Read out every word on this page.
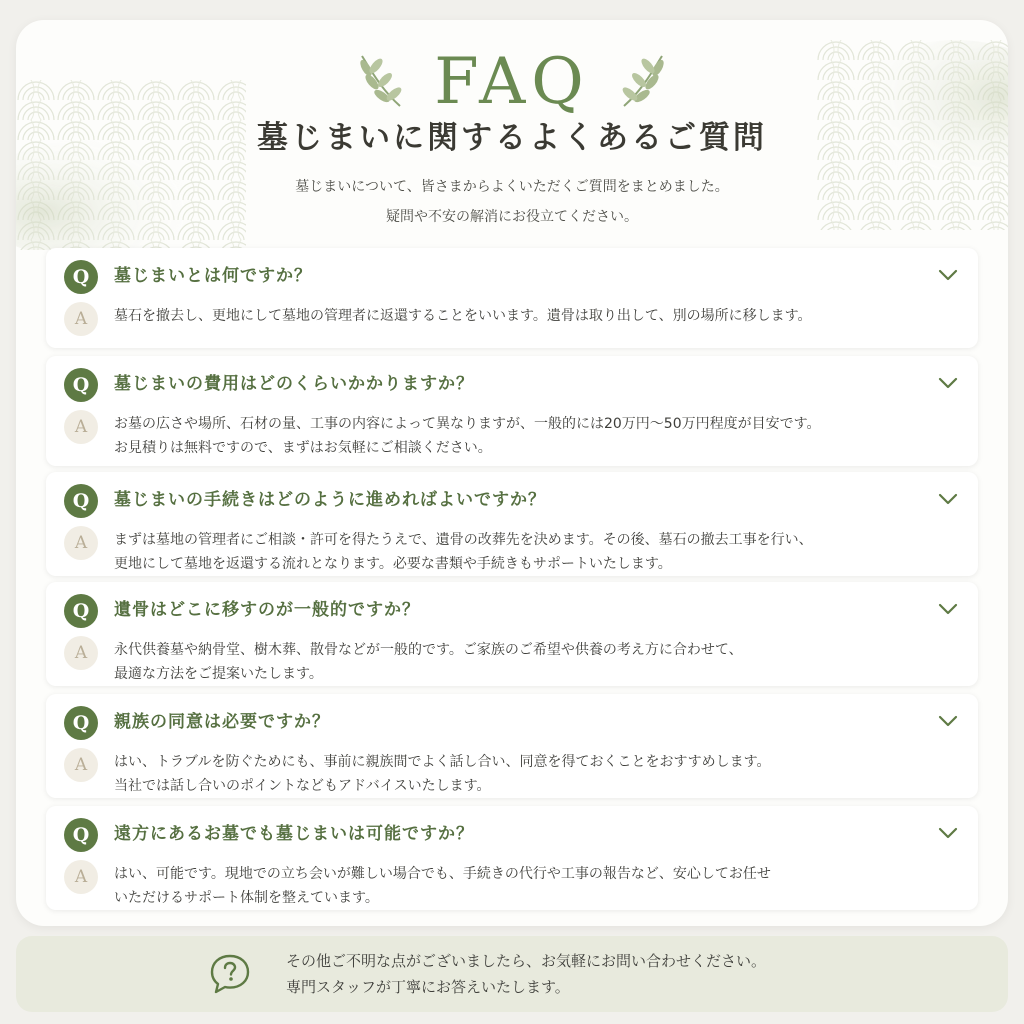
FAQ
墓じまいに関するよくあるご質問
墓じまいについて、皆さまからよくいただくご質問をまとめました。
疑問や不安の解消にお役立てください。
Q	墓じまいとは何ですか？
A	墓石を撤去し、更地にして墓地の管理者に返還することをいいます。遺骨は取り出して、別の場所に移します。
Q	墓じまいの費用はどのくらいかかりますか？
A	お墓の広さや場所、石材の量、工事の内容によって異なりますが、一般的には20万円〜50万円程度が目安です。
お見積りは無料ですので、まずはお気軽にご相談ください。
Q	墓じまいの手続きはどのように進めればよいですか？
A	まずは墓地の管理者にご相談・許可を得たうえで、遺骨の改葬先を決めます。その後、墓石の撤去工事を行い、
更地にして墓地を返還する流れとなります。必要な書類や手続きもサポートいたします。
Q	遺骨はどこに移すのが一般的ですか？
A	永代供養墓や納骨堂、樹木葬、散骨などが一般的です。ご家族のご希望や供養の考え方に合わせて、
最適な方法をご提案いたします。
Q	親族の同意は必要ですか？
A	はい、トラブルを防ぐためにも、事前に親族間でよく話し合い、同意を得ておくことをおすすめします。
当社では話し合いのポイントなどもアドバイスいたします。
Q	遠方にあるお墓でも墓じまいは可能ですか？
A	はい、可能です。現地での立ち会いが難しい場合でも、手続きの代行や工事の報告など、安心してお任せ
いただけるサポート体制を整えています。
その他ご不明な点がございましたら、お気軽にお問い合わせください。
専門スタッフが丁寧にお答えいたします。
